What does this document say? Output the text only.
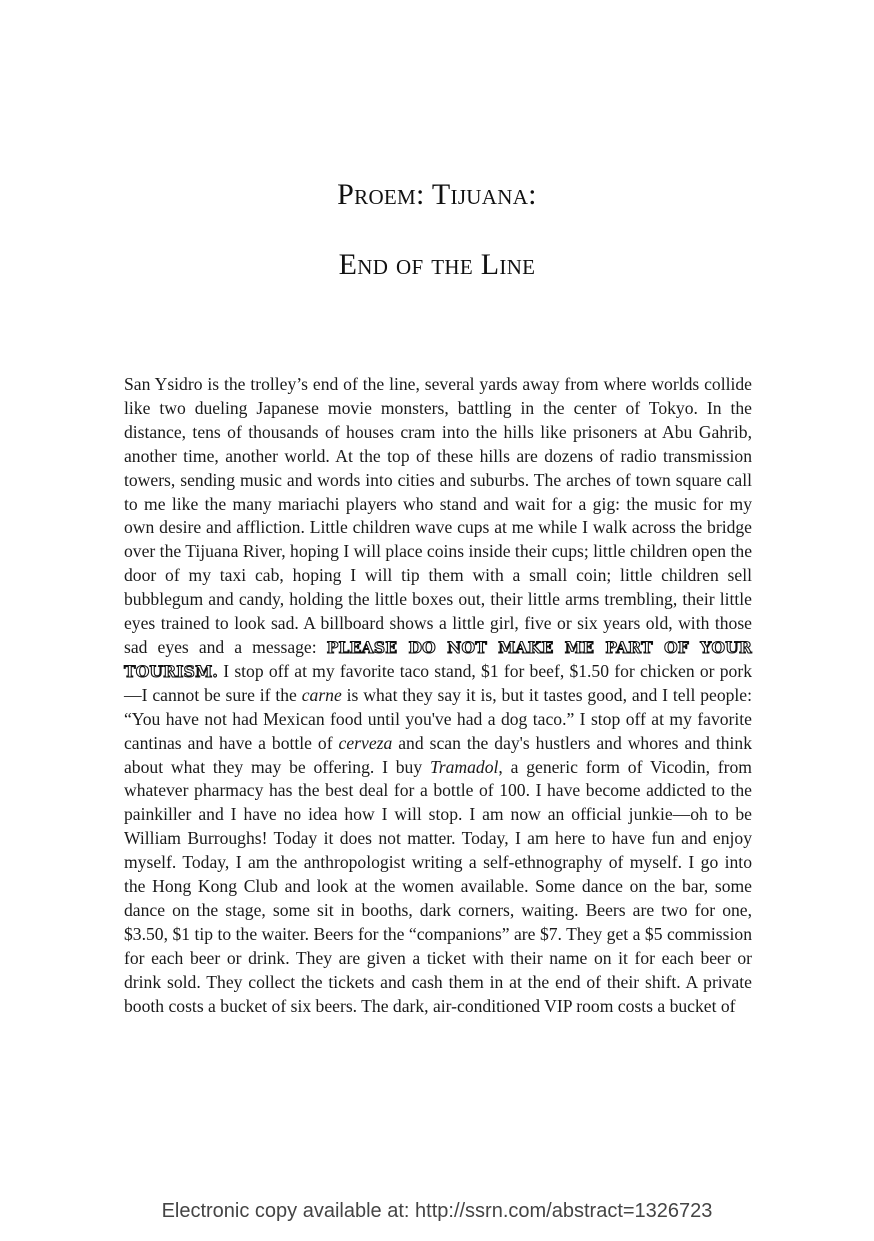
Proem: Tijuana:
End of the Line

San Ysidro is the trolley’s end of the line, several yards away from where worlds collide like two dueling Japanese movie monsters, battling in the center of Tokyo. In the distance, tens of thousands of houses cram into the hills like prisoners at Abu Gahrib, another time, another world. At the top of these hills are dozens of radio transmission towers, sending music and words into cities and suburbs. The arches of town square call to me like the many mariachi players who stand and wait for a gig: the music for my own desire and affliction. Little children wave cups at me while I walk across the bridge over the Tijuana River, hoping I will place coins inside their cups; little children open the door of my taxi cab, hoping I will tip them with a small coin; little children sell bubblegum and candy, holding the little boxes out, their little arms trembling, their little eyes trained to look sad. A billboard shows a little girl, five or six years old, with those sad eyes and a message: PLEASE DO NOT MAKE ME PART OF YOUR TOURISM. I stop off at my favorite taco stand, $1 for beef, $1.50 for chicken or pork—I cannot be sure if the carne is what they say it is, but it tastes good, and I tell people: “You have not had Mexican food until you've had a dog taco.” I stop off at my favorite cantinas and have a bottle of cerveza and scan the day's hustlers and whores and think about what they may be offering. I buy Tramadol, a generic form of Vicodin, from whatever pharmacy has the best deal for a bottle of 100. I have become addicted to the painkiller and I have no idea how I will stop. I am now an official junkie—oh to be William Burroughs! Today it does not matter. Today, I am here to have fun and enjoy myself. Today, I am the anthropologist writing a self-ethnography of myself. I go into the Hong Kong Club and look at the women available. Some dance on the bar, some dance on the stage, some sit in booths, dark corners, waiting. Beers are two for one, $3.50, $1 tip to the waiter. Beers for the “companions” are $7. They get a $5 commission for each beer or drink. They are given a ticket with their name on it for each beer or drink sold. They collect the tickets and cash them in at the end of their shift. A private booth costs a bucket of six beers. The dark, air-conditioned VIP room costs a bucket of

Electronic copy available at: http://ssrn.com/abstract=1326723
